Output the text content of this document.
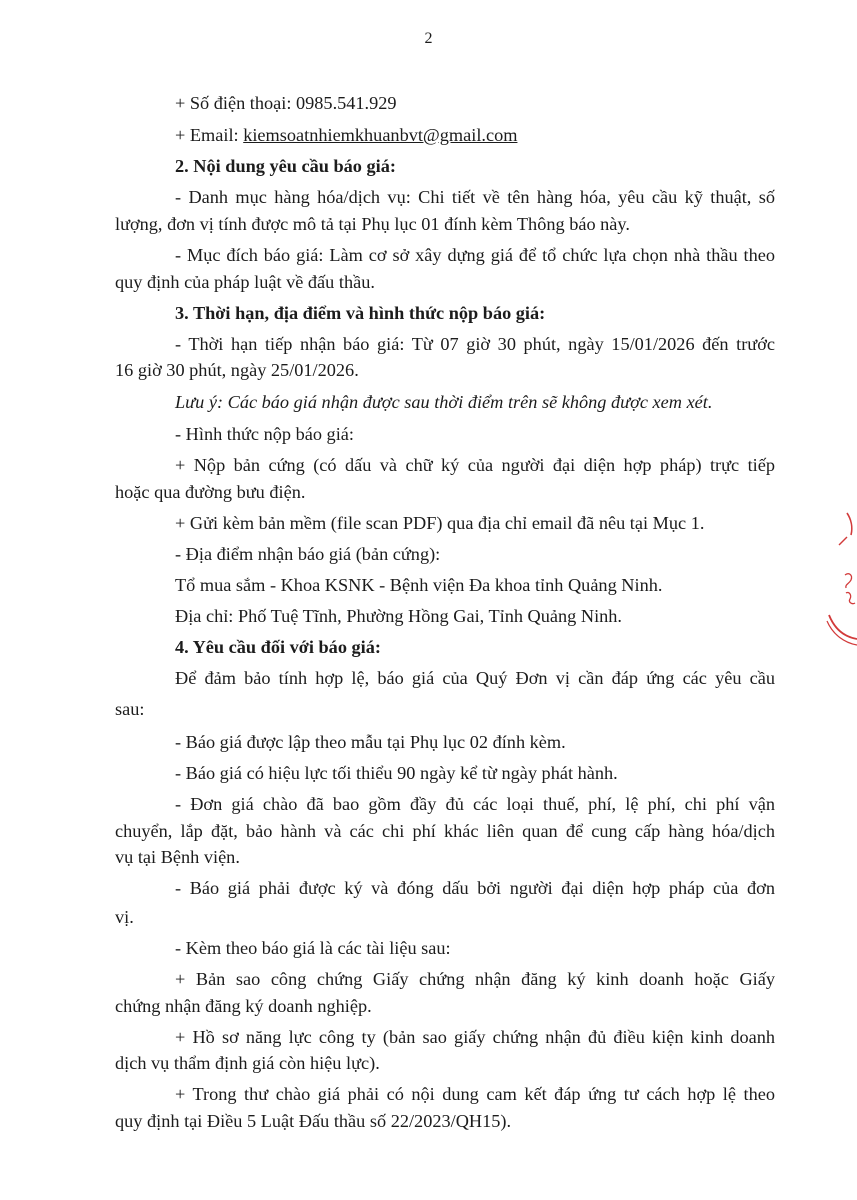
2
+ Số điện thoại: 0985.541.929
+ Email: kiemsoatnhiemkhuanbvt@gmail.com
2. Nội dung yêu cầu báo giá:
- Danh mục hàng hóa/dịch vụ: Chi tiết về tên hàng hóa, yêu cầu kỹ thuật, số
lượng, đơn vị tính được mô tả tại Phụ lục 01 đính kèm Thông báo này.
- Mục đích báo giá: Làm cơ sở xây dựng giá để tổ chức lựa chọn nhà thầu theo
quy định của pháp luật về đấu thầu.
3. Thời hạn, địa điểm và hình thức nộp báo giá:
- Thời hạn tiếp nhận báo giá: Từ 07 giờ 30 phút, ngày 15/01/2026 đến trước
16 giờ 30 phút, ngày 25/01/2026.
Lưu ý: Các báo giá nhận được sau thời điểm trên sẽ không được xem xét.
- Hình thức nộp báo giá:
+ Nộp bản cứng (có dấu và chữ ký của người đại diện hợp pháp) trực tiếp
hoặc qua đường bưu điện.
+ Gửi kèm bản mềm (file scan PDF) qua địa chỉ email đã nêu tại Mục 1.
- Địa điểm nhận báo giá (bản cứng):
Tổ mua sắm - Khoa KSNK - Bệnh viện Đa khoa tỉnh Quảng Ninh.
Địa chỉ: Phố Tuệ Tĩnh, Phường Hồng Gai, Tỉnh Quảng Ninh.
4. Yêu cầu đối với báo giá:
Để đảm bảo tính hợp lệ, báo giá của Quý Đơn vị cần đáp ứng các yêu cầu
sau:
- Báo giá được lập theo mẫu tại Phụ lục 02 đính kèm.
- Báo giá có hiệu lực tối thiểu 90 ngày kể từ ngày phát hành.
- Đơn giá chào đã bao gồm đầy đủ các loại thuế, phí, lệ phí, chi phí vận
chuyển, lắp đặt, bảo hành và các chi phí khác liên quan để cung cấp hàng hóa/dịch
vụ tại Bệnh viện.
- Báo giá phải được ký và đóng dấu bởi người đại diện hợp pháp của đơn
vị.
- Kèm theo báo giá là các tài liệu sau:
+ Bản sao công chứng Giấy chứng nhận đăng ký kinh doanh hoặc Giấy
chứng nhận đăng ký doanh nghiệp.
+ Hồ sơ năng lực công ty (bản sao giấy chứng nhận đủ điều kiện kinh doanh
dịch vụ thẩm định giá còn hiệu lực).
+ Trong thư chào giá phải có nội dung cam kết đáp ứng tư cách hợp lệ theo
quy định tại Điều 5 Luật Đấu thầu số 22/2023/QH15).
